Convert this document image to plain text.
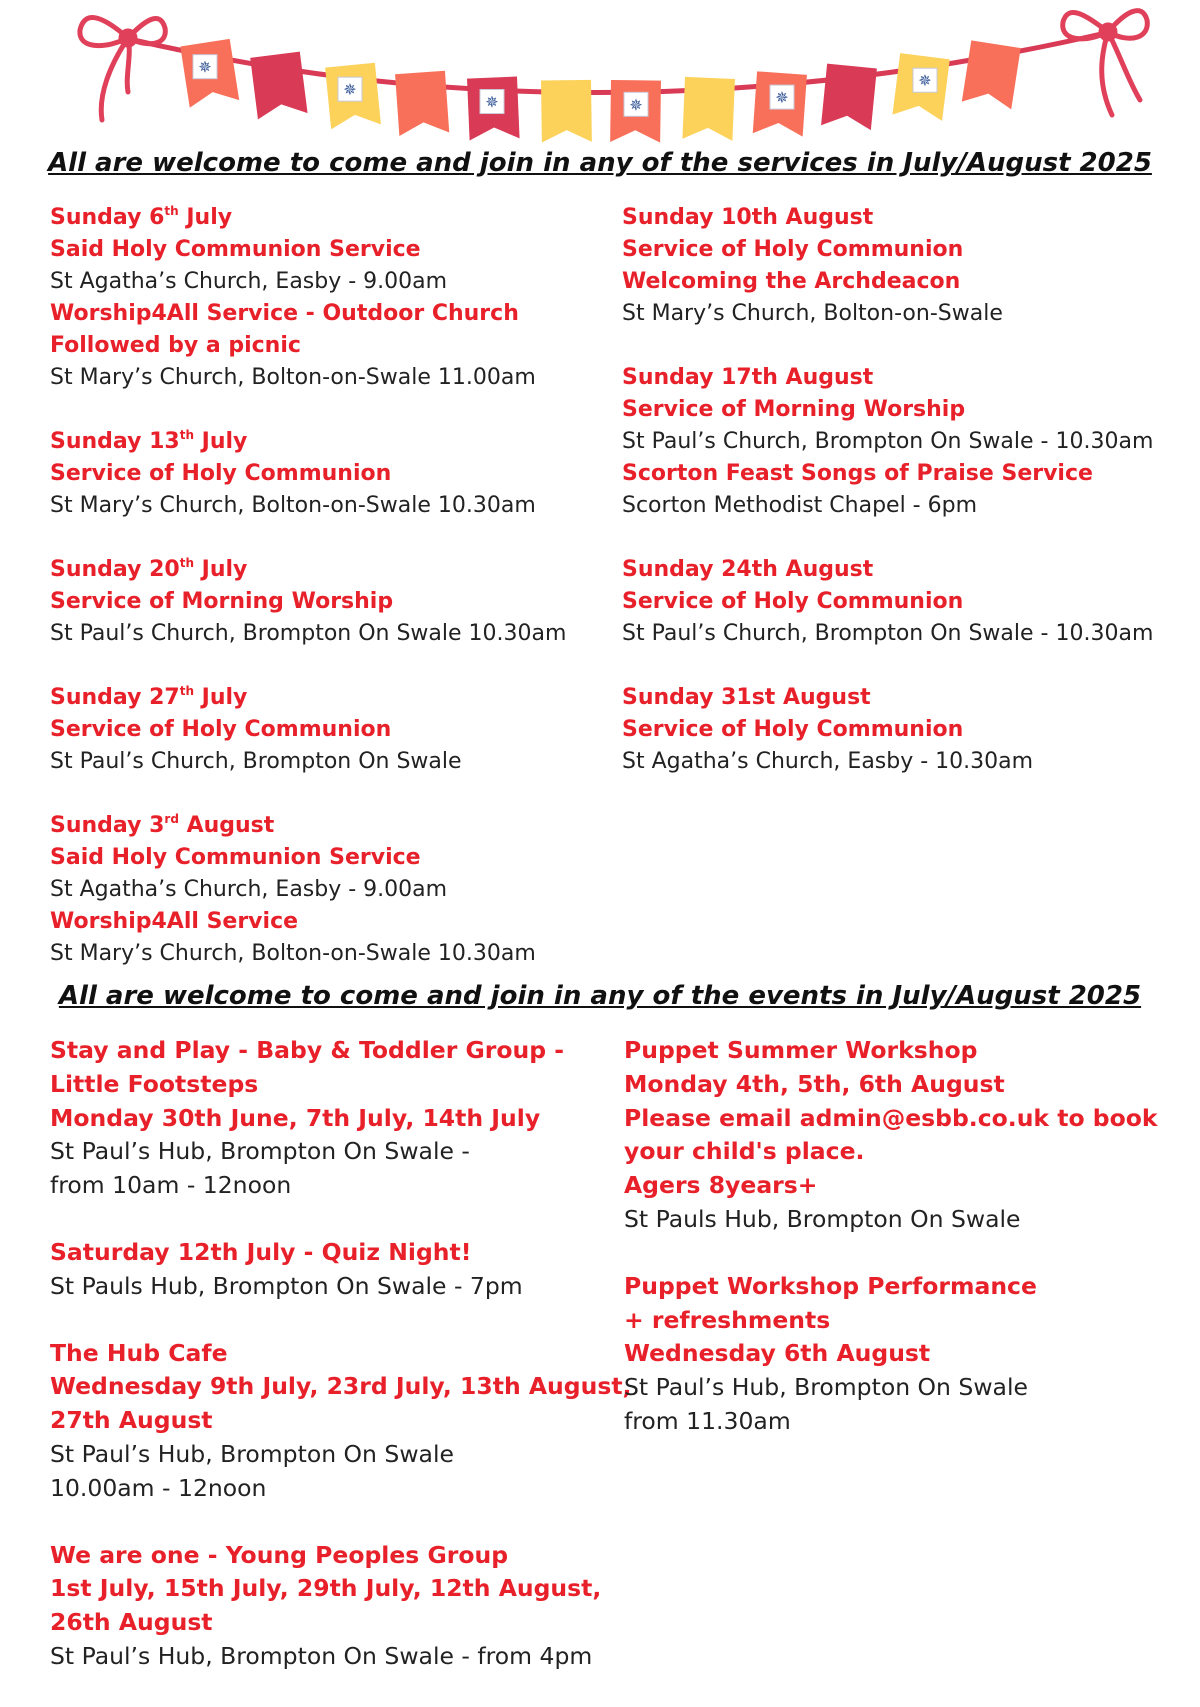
✵
✵
✵	✵	✵
✵
All are welcome to come and join in any of the services in July/August 2025
Sunday 6th July
Said Holy Communion Service
St Agatha’s Church, Easby - 9.00am
Worship4All Service - Outdoor Church
Followed by a picnic
St Mary’s Church, Bolton-on-Swale 11.00am
Sunday 13th July
Service of Holy Communion
St Mary’s Church, Bolton-on-Swale 10.30am
Sunday 20th July
Service of Morning Worship
St Paul’s Church, Brompton On Swale 10.30am
Sunday 27th July
Service of Holy Communion
St Paul’s Church, Brompton On Swale
Sunday 3rd August
Said Holy Communion Service
St Agatha’s Church, Easby - 9.00am
Worship4All Service
St Mary’s Church, Bolton-on-Swale 10.30am
Sunday 10th August
Service of Holy Communion
Welcoming the Archdeacon
St Mary’s Church, Bolton-on-Swale
Sunday 17th August
Service of Morning Worship
St Paul’s Church, Brompton On Swale - 10.30am
Scorton Feast Songs of Praise Service
Scorton Methodist Chapel - 6pm
Sunday 24th August
Service of Holy Communion
St Paul’s Church, Brompton On Swale - 10.30am
Sunday 31st August
Service of Holy Communion
St Agatha’s Church, Easby - 10.30am
All are welcome to come and join in any of the events in July/August 2025
Stay and Play - Baby & Toddler Group -
Little Footsteps
Monday 30th June, 7th July, 14th July
St Paul’s Hub, Brompton On Swale -
from 10am - 12noon
Saturday 12th July - Quiz Night!
St Pauls Hub, Brompton On Swale - 7pm
The Hub Cafe
Wednesday 9th July, 23rd July, 13th August,
27th August
St Paul’s Hub, Brompton On Swale
10.00am - 12noon
We are one - Young Peoples Group
1st July, 15th July, 29th July, 12th August,
26th August
St Paul’s Hub, Brompton On Swale - from 4pm
Puppet Summer Workshop
Monday 4th, 5th, 6th August
Please email admin@esbb.co.uk to book
your child's place.
Agers 8years+
St Pauls Hub, Brompton On Swale
Puppet Workshop Performance
+ refreshments
Wednesday 6th August
St Paul’s Hub, Brompton On Swale
from 11.30am
